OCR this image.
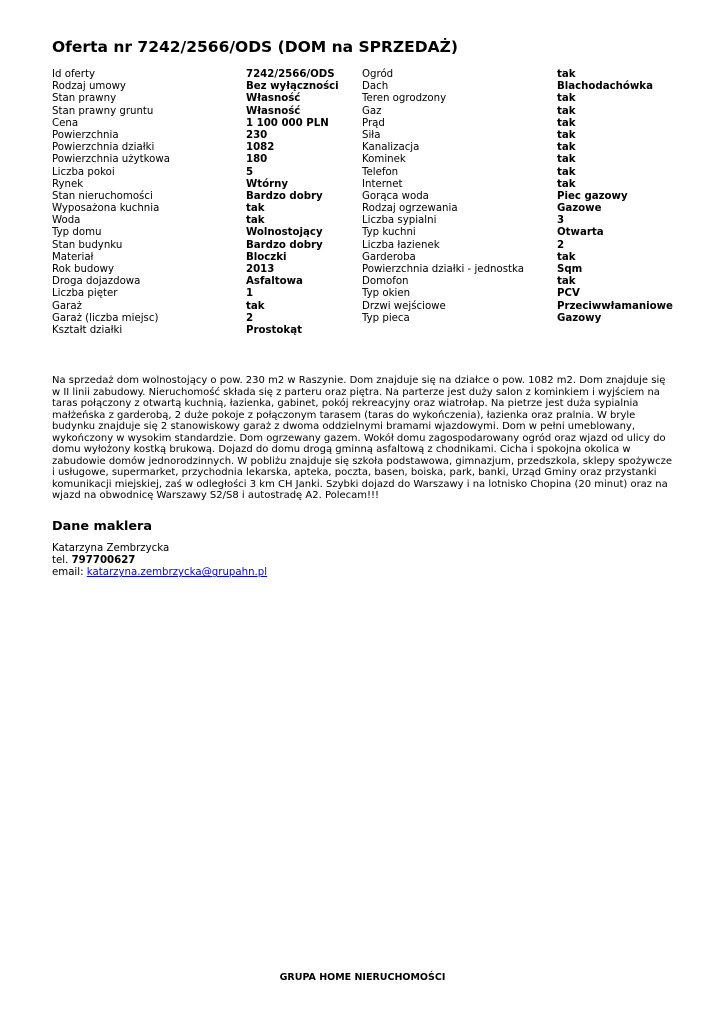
Oferta nr 7242/2566/ODS (DOM na SPRZEDAŻ)
Id oferty	7242/2566/ODS
Rodzaj umowy	Bez wyłączności
Stan prawny	Własność
Stan prawny gruntu	Własność
Cena	1 100 000 PLN
Powierzchnia	230
Powierzchnia działki	1082
Powierzchnia użytkowa	180
Liczba pokoi	5
Rynek	Wtórny
Stan nieruchomości	Bardzo dobry
Wyposażona kuchnia	tak
Woda	tak
Typ domu	Wolnostojący
Stan budynku	Bardzo dobry
Materiał	Bloczki
Rok budowy	2013
Droga dojazdowa	Asfaltowa
Liczba pięter	1
Garaż	tak
Garaż (liczba miejsc)	2
Kształt działki	Prostokąt
Ogród	tak
Dach	Blachodachówka
Teren ogrodzony	tak
Gaz	tak
Prąd	tak
Siła	tak
Kanalizacja	tak
Kominek	tak
Telefon	tak
Internet	tak
Gorąca woda	Piec gazowy
Rodzaj ogrzewania	Gazowe
Liczba sypialni	3
Typ kuchni	Otwarta
Liczba łazienek	2
Garderoba	tak
Powierzchnia działki - jednostka	Sqm
Domofon	tak
Typ okien	PCV
Drzwi wejściowe	Przeciwwłamaniowe
Typ pieca	Gazowy

Na sprzedaż dom wolnostojący o pow. 230 m2 w Raszynie. Dom znajduje się na działce o pow. 1082 m2. Dom znajduje się w II linii zabudowy. Nieruchomość składa się z parteru oraz piętra. Na parterze jest duży salon z kominkiem i wyjściem na taras połączony z otwartą kuchnią, łazienka, gabinet, pokój rekreacyjny oraz wiatrołap. Na pietrze jest duża sypialnia małżeńska z garderobą, 2 duże pokoje z połączonym tarasem (taras do wykończenia), łazienka oraz pralnia. W bryle budynku znajduje się 2 stanowiskowy garaż z dwoma oddzielnymi bramami wjazdowymi. Dom w pełni umeblowany, wykończony w wysokim standardzie. Dom ogrzewany gazem. Wokół domu zagospodarowany ogród oraz wjazd od ulicy do domu wyłożony kostką brukową. Dojazd do domu drogą gminną asfaltową z chodnikami. Cicha i spokojna okolica w zabudowie domów jednorodzinnych. W pobliżu znajduje się szkoła podstawowa, gimnazjum, przedszkola, sklepy spożywcze i usługowe, supermarket, przychodnia lekarska, apteka, poczta, basen, boiska, park, banki, Urząd Gminy oraz przystanki komunikacji miejskiej, zaś w odległości 3 km CH Janki. Szybki dojazd do Warszawy i na lotnisko Chopina (20 minut) oraz na wjazd na obwodnicę Warszawy S2/S8 i autostradę A2. Polecam!!!

Dane maklera
Katarzyna Zembrzycka
tel. 797700627
email: katarzyna.zembrzycka@grupahn.pl
GRUPA HOME NIERUCHOMOŚCI
